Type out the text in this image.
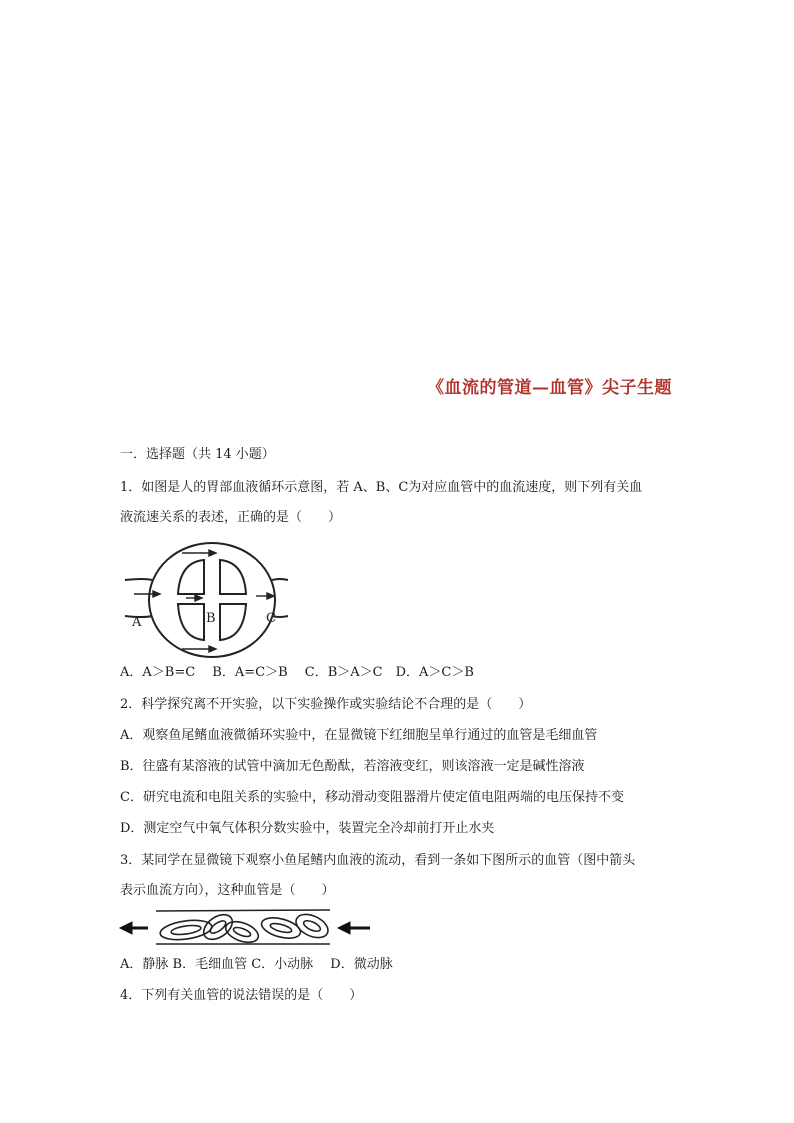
《血流的管道—血管》尖子生题
一．选择题（共 14 小题）
1．如图是人的胃部血液循环示意图，若 A、B、C为对应血管中的血流速度，则下列有关血
液流速关系的表述，正确的是（　　）
A	B	C
A．A＞B=C　 B．A=C＞B　 C．B＞A＞C　D．A＞C＞B
2．科学探究离不开实验，以下实验操作或实验结论不合理的是（　　）
A．观察鱼尾鳍血液微循环实验中，在显微镜下红细胞呈单行通过的血管是毛细血管
B．往盛有某溶液的试管中滴加无色酚酞，若溶液变红，则该溶液一定是碱性溶液
C．研究电流和电阻关系的实验中，移动滑动变阻器滑片使定值电阻两端的电压保持不变
D．测定空气中氧气体积分数实验中，装置完全冷却前打开止水夹
3．某同学在显微镜下观察小鱼尾鳍内血液的流动，看到一条如下图所示的血管（图中箭头
表示血流方向），这种血管是（　　）
A．静脉 B．毛细血管 C．小动脉　 D．微动脉
4．下列有关血管的说法错误的是（　　）
